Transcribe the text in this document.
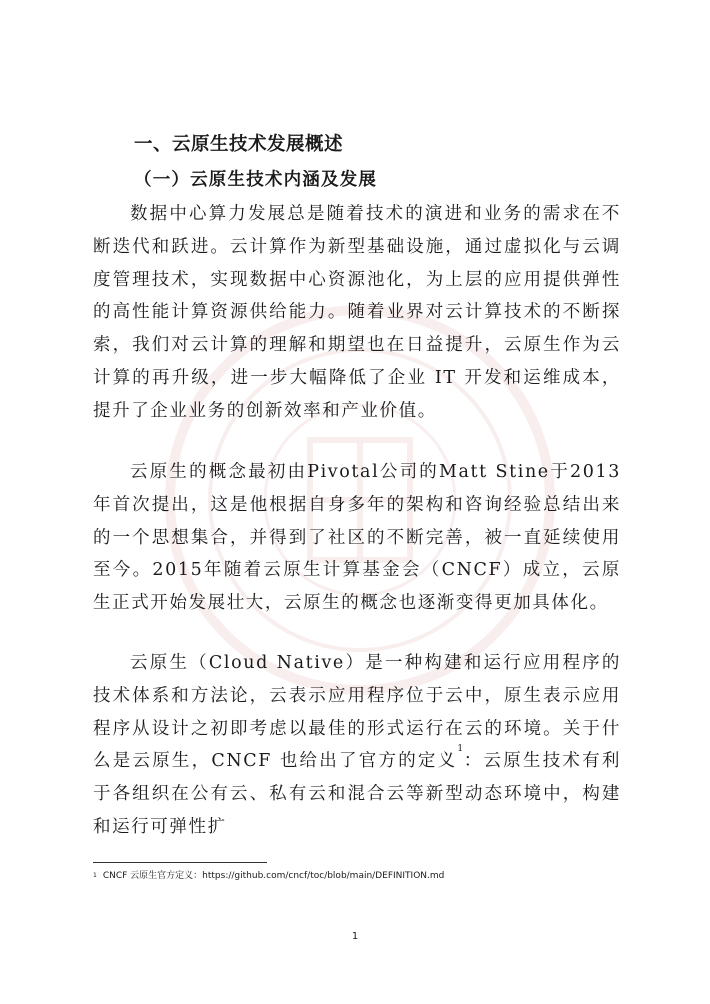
一、云原生技术发展概述
（一）云原生技术内涵及发展

数据中心算力发展总是随着技术的演进和业务的需求在不断迭代和跃进。云计算作为新型基础设施，通过虚拟化与云调度管理技术，实现数据中心资源池化，为上层的应用提供弹性的高性能计算资源供给能力。随着业界对云计算技术的不断探索，我们对云计算的理解和期望也在日益提升，云原生作为云计算的再升级，进一步大幅降低了企业 IT 开发和运维成本，提升了企业业务的创新效率和产业价值。

云原生的概念最初由Pivotal公司的Matt Stine于2013年首次提出，这是他根据自身多年的架构和咨询经验总结出来的一个思想集合，并得到了社区的不断完善，被一直延续使用至今。2015年随着云原生计算基金会（CNCF）成立，云原生正式开始发展壮大，云原生的概念也逐渐变得更加具体化。

云原生（Cloud Native）是一种构建和运行应用程序的技术体系和方法论，云表示应用程序位于云中，原生表示应用程序从设计之初即考虑以最佳的形式运行在云的环境。关于什么是云原生，CNCF 也给出了官方的定义$^1$：云原生技术有利于各组织在公有云、私有云和混合云等新型动态环境中，构建和运行可弹性扩

$^1$ CNCF 云原生官方定义：https://github.com/cncf/toc/blob/main/DEFINITION.md

1
